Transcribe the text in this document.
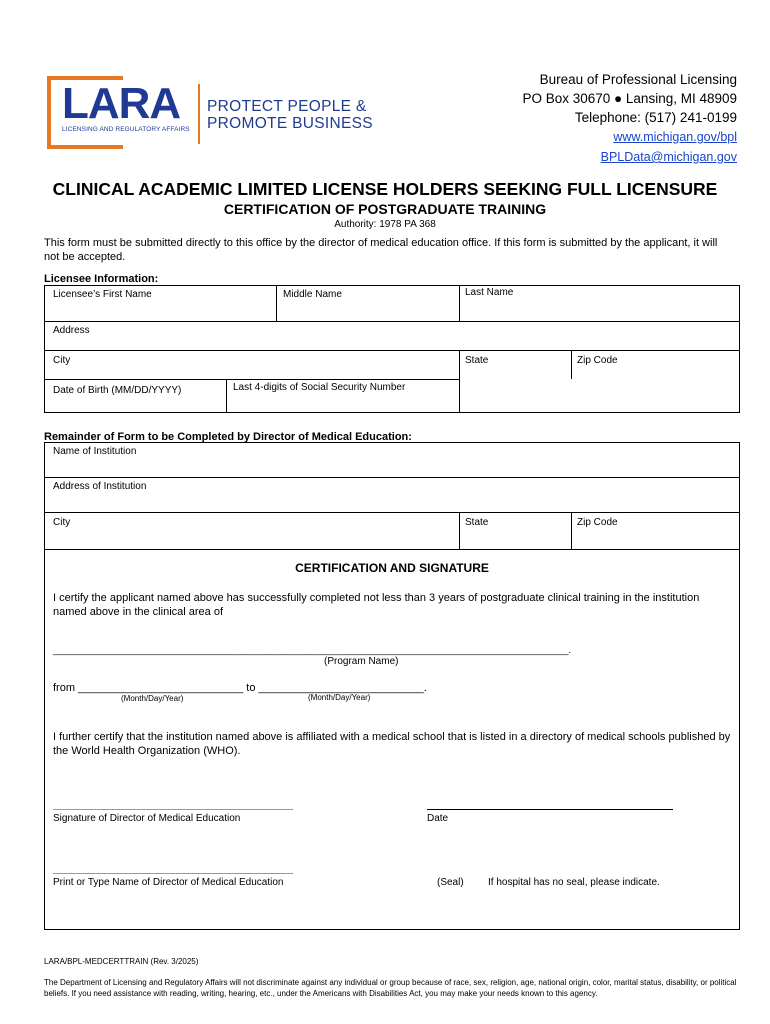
LARA
LICENSING AND REGULATORY AFFAIRS
PROTECT PEOPLE &
PROMOTE BUSINESS
Bureau of Professional Licensing
PO Box 30670 ● Lansing, MI 48909
Telephone: (517) 241-0199
www.michigan.gov/bpl
BPLData@michigan.gov
CLINICAL ACADEMIC LIMITED LICENSE HOLDERS SEEKING FULL LICENSURE
CERTIFICATION OF POSTGRADUATE TRAINING
Authority: 1978 PA 368
This form must be submitted directly to this office by the director of medical education office. If this form is submitted by the applicant, it will not be accepted.
Licensee Information:
Licensee’s First Name	Middle Name	Last Name
Address
City	State	Zip Code
Date of Birth (MM/DD/YYYY)	Last 4-digits of Social Security Number
Remainder of Form to be Completed by Director of Medical Education:
Name of Institution
Address of Institution
City	State	Zip Code
CERTIFICATION AND SIGNATURE
I certify the applicant named above has successfully completed not less than 3 years of postgraduate clinical training in the institution named above in the clinical area of
_______________________________________________________________________________________________________.
(Program Name)
from ___________________________ to ___________________________.
(Month/Day/Year)	(Month/Day/Year)
I further certify that the institution named above is affiliated with a medical school that is listed in a directory of medical schools published by the World Health Organization (WHO).
Signature of Director of Medical Education	Date
Print or Type Name of Director of Medical Education	(Seal) If hospital has no seal, please indicate.
LARA/BPL-MEDCERTTRAIN (Rev. 3/2025)
The Department of Licensing and Regulatory Affairs will not discriminate against any individual or group because of race, sex, religion, age, national origin, color, marital status, disability, or political beliefs. If you need assistance with reading, writing, hearing, etc., under the Americans with Disabilities Act, you may make your needs known to this agency.
